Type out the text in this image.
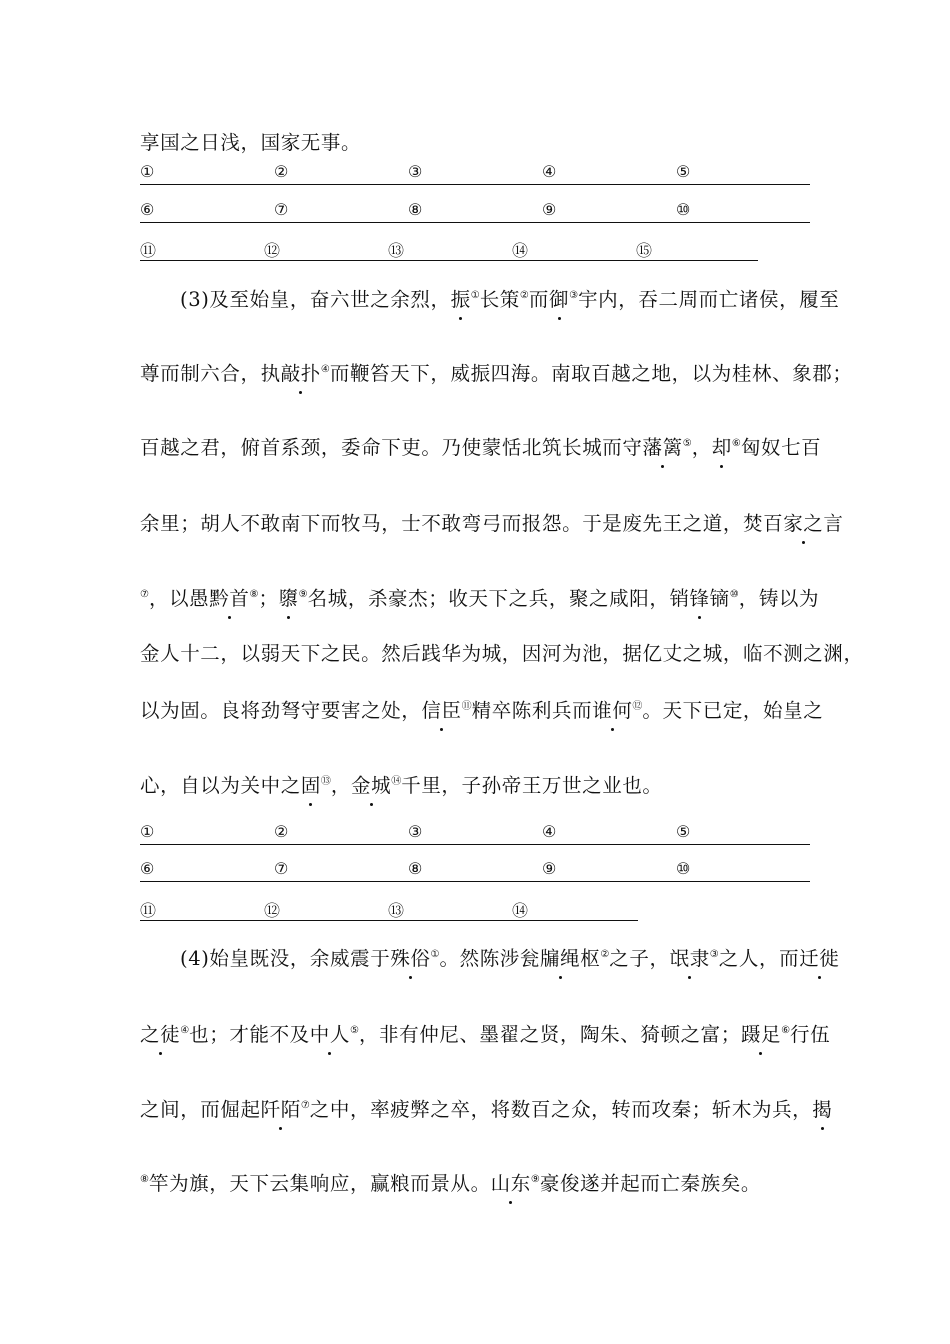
享国之日浅，国家无事。
①	②	③	④	⑤
⑥	⑦	⑧	⑨	⑩
⑪	⑫	⑬	⑭	⑮
(3)及至始皇，奋六世之余烈，振①长策②而御③宇内，吞二周而亡诸侯，履至
尊而制六合，执敲扑④而鞭笞天下，威振四海。南取百越之地，以为桂林、象郡；
百越之君，俯首系颈，委命下吏。乃使蒙恬北筑长城而守藩篱⑤，却⑥匈奴七百
余里；胡人不敢南下而牧马，士不敢弯弓而报怨。于是废先王之道，焚百家之言
⑦，以愚黔首⑧；隳⑨名城，杀豪杰；收天下之兵，聚之咸阳，销锋镝⑩，铸以为
金人十二，以弱天下之民。然后践华为城，因河为池，据亿丈之城，临不测之渊，
以为固。良将劲弩守要害之处，信臣⑪精卒陈利兵而谁何⑫。天下已定，始皇之
心，自以为关中之固⑬，金城⑭千里，子孙帝王万世之业也。
①	②	③	④	⑤
⑥	⑦	⑧	⑨	⑩
⑪	⑫	⑬	⑭
(4)始皇既没，余威震于殊俗①。然陈涉瓮牖绳枢②之子，氓隶③之人，而迁徙
之徒④也；才能不及中人⑤，非有仲尼、墨翟之贤，陶朱、猗顿之富；蹑足⑥行伍
之间，而倔起阡陌⑦之中，率疲弊之卒，将数百之众，转而攻秦；斩木为兵，揭
⑧竿为旗，天下云集响应，赢粮而景从。山东⑨豪俊遂并起而亡秦族矣。
